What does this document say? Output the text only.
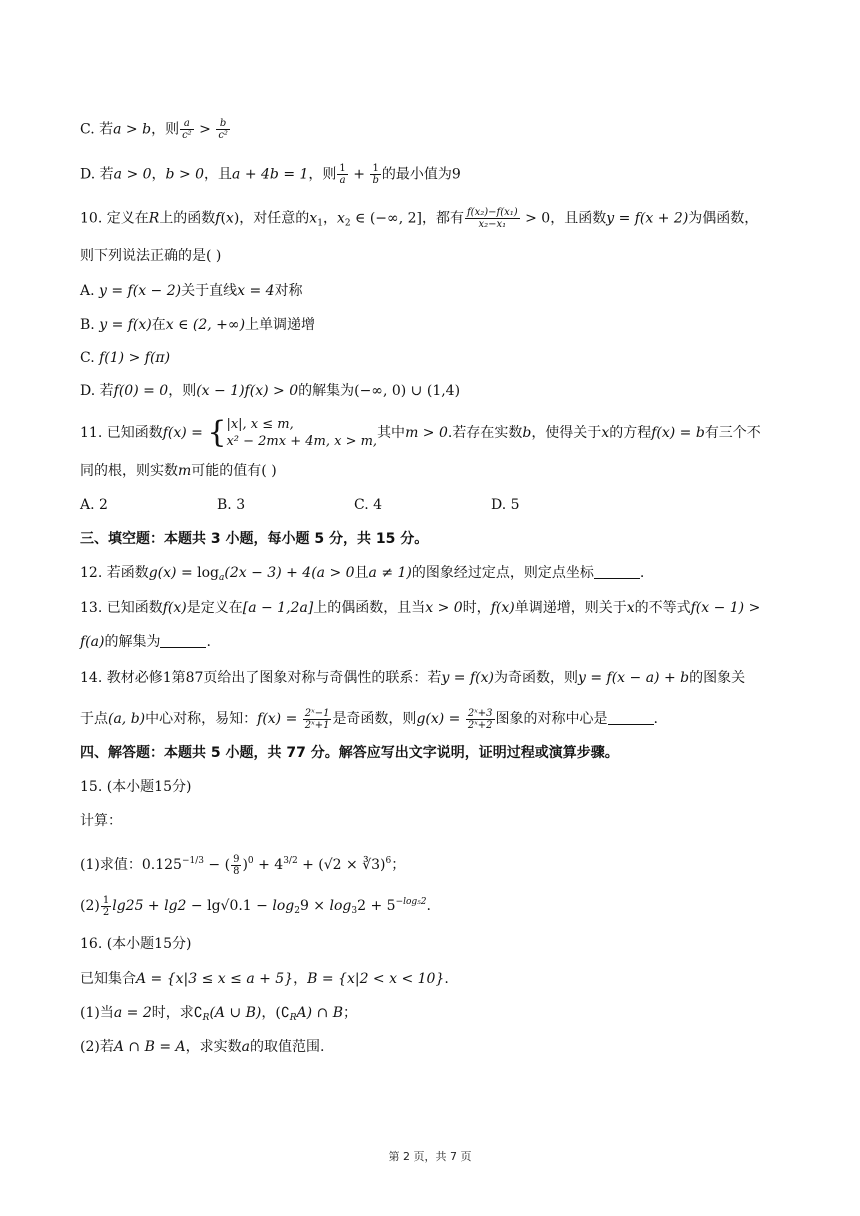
C. 若a > b，则 $\frac{a}{\text{c²}} > \frac{b}{\text{c²}}$
D. 若a > 0，b > 0，且a + 4b = 1，则 $\frac{1}{a} + \frac{1}{b}$ 的最小值为9
10. 定义在R上的函数f(x)，对任意的$x_1$，$x_2$ ∈ (−∞, 2]，都有 $\frac{\text{f(x₂)−f(x₁)}}{\text{x₂−x₁}} > 0$，且函数y = f(x + 2)为偶函数，
则下列说法正确的是( )
A. y = f(x − 2)关于直线x = 4对称
B. y = f(x)在x ∈ (2, +∞)上单调递增
C. f(1) > f(π)
D. 若f(0) = 0，则(x − 1)f(x) > 0的解集为(−∞, 0) ∪ (1,4)
11. 已知函数f(x) = { |x|, x ≤ m,
x² − 2mx + 4m, x > m,
其中m > 0.若存在实数b，使得关于x的方程f(x) = b有三个不
同的根，则实数m可能的值有( )
A. 2	B. 3	C. 4	D. 5
三、填空题：本题共 3 小题，每小题 5 分，共 15 分。
12. 若函数$g(x) = \log_a(2x - 3) + 4(a > 0$且a ≠ 1)的图象经过定点，则定点坐标	.
13. 已知函数f(x)是定义在[a − 1,2a]上的偶函数，且当x > 0时，f(x)单调递增，则关于x的不等式f(x − 1) >
f(a)的解集为	.
14. 教材必修1第87页给出了图象对称与奇偶性的联系：若y = f(x)为奇函数，则y = f(x − a) + b的图象关
于点(a, b)中心对称，易知：$f(x) = \frac{\text{2ˣ−1}}{\text{2ˣ+1}}$ 是奇函数，则$g(x) = \frac{\text{2ˣ+3}}{\text{2ˣ+2}}$ 图象的对称中心是	.
四、解答题：本题共 5 小题，共 77 分。解答应写出文字说明，证明过程或演算步骤。
15. (本小题15分)
计算：
(1)求值：$0.125^{-1/3}$ − ( $\frac{9}{8} )^0 + 4^{3/2} + (√2$ × ∛3)$^6$；
$(2) \frac{1}{2} \lg 25 + \lg 2 - \lg√0.1 - \log_29 \times \log_32 + 5^{-log_52}$.
16. (本小题15分)
已知集合A = {x|3 ≤ x ≤ a + 5}，B = {x|2 < x < 10}.
(1)当a = 2时，求$∁_R(A$ ∪ B)，$(∁_RA)$ ∩ B；
(2)若A ∩ B = A，求实数a的取值范围.
第 2 页，共 7 页
